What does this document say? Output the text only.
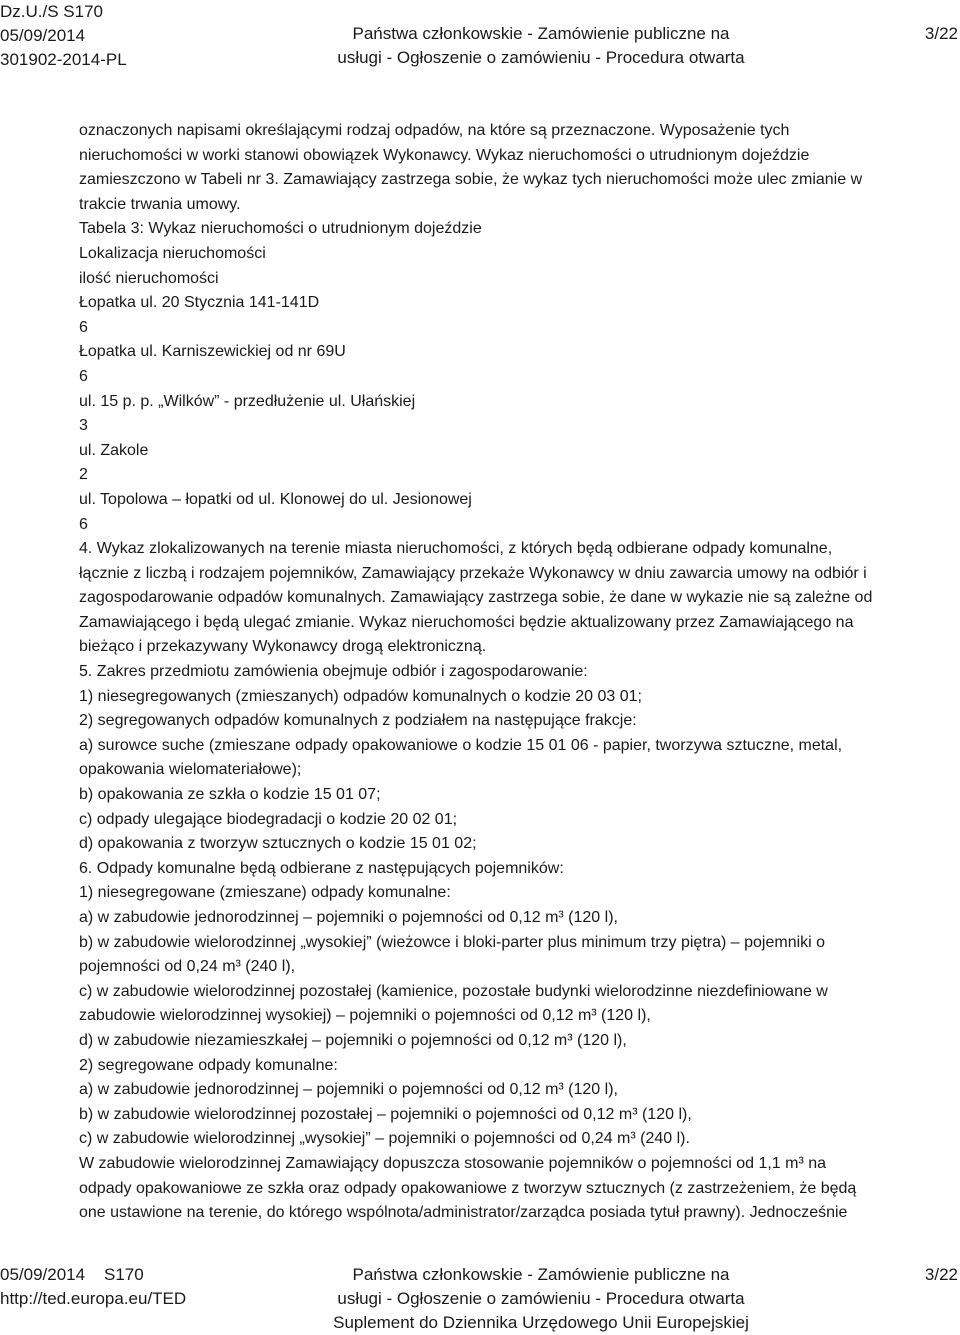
Dz.U./S S170
05/09/2014
301902-2014-PL
Państwa członkowskie - Zamówienie publiczne na
usługi - Ogłoszenie o zamówieniu - Procedura otwarta
3/22

oznaczonych napisami określającymi rodzaj odpadów, na które są przeznaczone. Wyposażenie tych

nieruchomości w worki stanowi obowiązek Wykonawcy. Wykaz nieruchomości o utrudnionym dojeździe

zamieszczono w Tabeli nr 3. Zamawiający zastrzega sobie, że wykaz tych nieruchomości może ulec zmianie w

trakcie trwania umowy.

Tabela 3: Wykaz nieruchomości o utrudnionym dojeździe

Lokalizacja nieruchomości

ilość nieruchomości

Łopatka ul. 20 Stycznia 141-141D

6

Łopatka ul. Karniszewickiej od nr 69U

6

ul. 15 p. p. „Wilków” - przedłużenie ul. Ułańskiej

3

ul. Zakole

2

ul. Topolowa – łopatki od ul. Klonowej do ul. Jesionowej

6

4. Wykaz zlokalizowanych na terenie miasta nieruchomości, z których będą odbierane odpady komunalne,

łącznie z liczbą i rodzajem pojemników, Zamawiający przekaże Wykonawcy w dniu zawarcia umowy na odbiór i

zagospodarowanie odpadów komunalnych. Zamawiający zastrzega sobie, że dane w wykazie nie są zależne od

Zamawiającego i będą ulegać zmianie. Wykaz nieruchomości będzie aktualizowany przez Zamawiającego na

bieżąco i przekazywany Wykonawcy drogą elektroniczną.

5. Zakres przedmiotu zamówienia obejmuje odbiór i zagospodarowanie:

1) niesegregowanych (zmieszanych) odpadów komunalnych o kodzie 20 03 01;

2) segregowanych odpadów komunalnych z podziałem na następujące frakcje:

a) surowce suche (zmieszane odpady opakowaniowe o kodzie 15 01 06 - papier, tworzywa sztuczne, metal,

opakowania wielomateriałowe);

b) opakowania ze szkła o kodzie 15 01 07;

c) odpady ulegające biodegradacji o kodzie 20 02 01;

d) opakowania z tworzyw sztucznych o kodzie 15 01 02;

6. Odpady komunalne będą odbierane z następujących pojemników:

1) niesegregowane (zmieszane) odpady komunalne:

a) w zabudowie jednorodzinnej – pojemniki o pojemności od 0,12 m³ (120 l),

b) w zabudowie wielorodzinnej „wysokiej” (wieżowce i bloki-parter plus minimum trzy piętra) – pojemniki o

pojemności od 0,24 m³ (240 l),

c) w zabudowie wielorodzinnej pozostałej (kamienice, pozostałe budynki wielorodzinne niezdefiniowane w

zabudowie wielorodzinnej wysokiej) – pojemniki o pojemności od 0,12 m³ (120 l),

d) w zabudowie niezamieszkałej – pojemniki o pojemności od 0,12 m³ (120 l),

2) segregowane odpady komunalne:

a) w zabudowie jednorodzinnej – pojemniki o pojemności od 0,12 m³ (120 l),

b) w zabudowie wielorodzinnej pozostałej – pojemniki o pojemności od 0,12 m³ (120 l),

c) w zabudowie wielorodzinnej „wysokiej” – pojemniki o pojemności od 0,24 m³ (240 l).

W zabudowie wielorodzinnej Zamawiający dopuszcza stosowanie pojemników o pojemności od 1,1 m³ na

odpady opakowaniowe ze szkła oraz odpady opakowaniowe z tworzyw sztucznych (z zastrzeżeniem, że będą

one ustawione na terenie, do którego wspólnota/administrator/zarządca posiada tytuł prawny). Jednocześnie

05/09/2014    S170
http://ted.europa.eu/TED
Państwa członkowskie - Zamówienie publiczne na
usługi - Ogłoszenie o zamówieniu - Procedura otwarta
Suplement do Dziennika Urzędowego Unii Europejskiej
3/22
